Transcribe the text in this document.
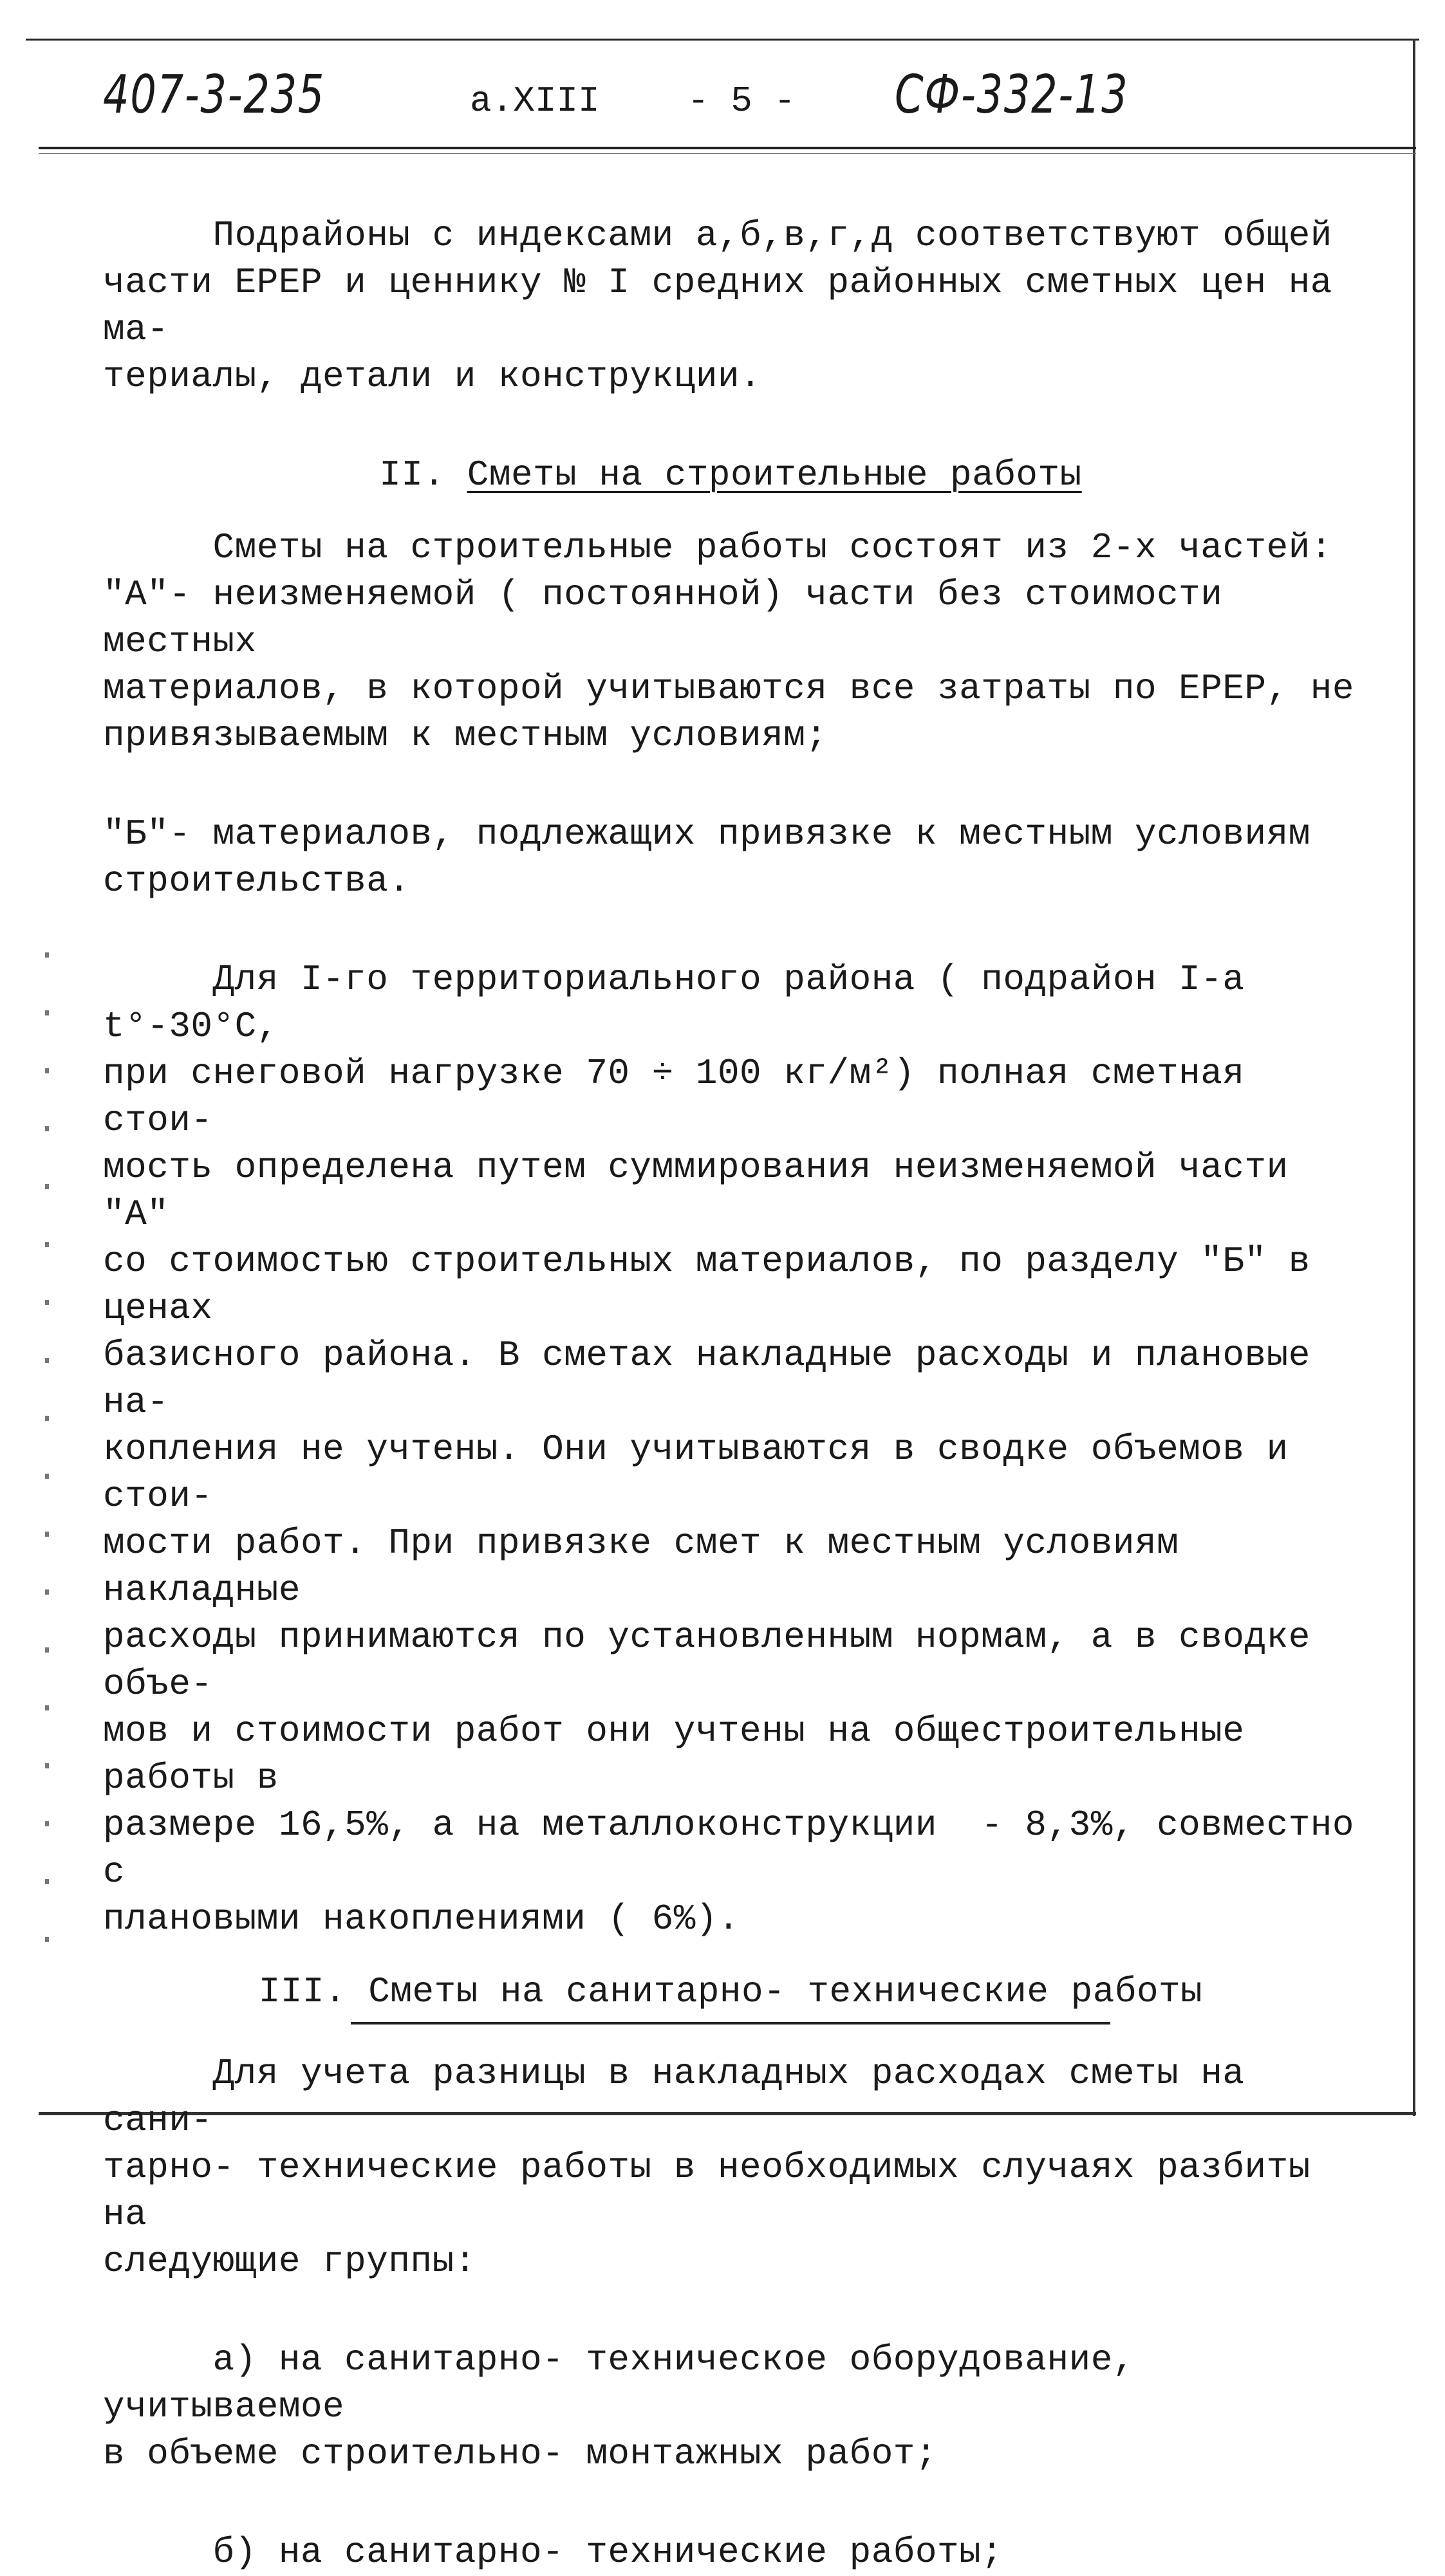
407-3-235	а.XIII - 5 - СФ-332-13

Подрайоны с индексами а,б,в,г,д соответствуют общей

части ЕРЕР и ценнику № I средних районных сметных цен на ма-

териалы, детали и конструкции.

II. Сметы на строительные работы

Сметы на строительные работы состоят из 2-х частей:

"А"- неизменяемой ( постоянной) части без стоимости местных

материалов, в которой учитываются все затраты по ЕРЕР, не

привязываемым к местным условиям;

"Б"- материалов, подлежащих привязке к местным условиям

строительства.

Для I-го территориального района ( подрайон I-а t°-30°С,

при снеговой нагрузке 70 ÷ 100 кг/м²) полная сметная стои-

мость определена путем суммирования неизменяемой части "А"

со стоимостью строительных материалов, по разделу "Б" в ценах

базисного района. В сметах накладные расходы и плановые на-

копления не учтены. Они учитываются в сводке объемов и стои-

мости работ. При привязке смет к местным условиям накладные

расходы принимаются по установленным нормам, а в сводке объе-

мов и стоимости работ они учтены на общестроительные работы в

размере 16,5%, а на металлоконструкции  - 8,3%, совместно с

плановыми накоплениями ( 6%).

III. Сметы на санитарно- технические работы

Для учета разницы в накладных расходах сметы на сани-

тарно- технические работы в необходимых случаях разбиты на

следующие группы:

а) на санитарно- техническое оборудование, учитываемое

в объеме строительно- монтажных работ;

б) на санитарно- технические работы;
